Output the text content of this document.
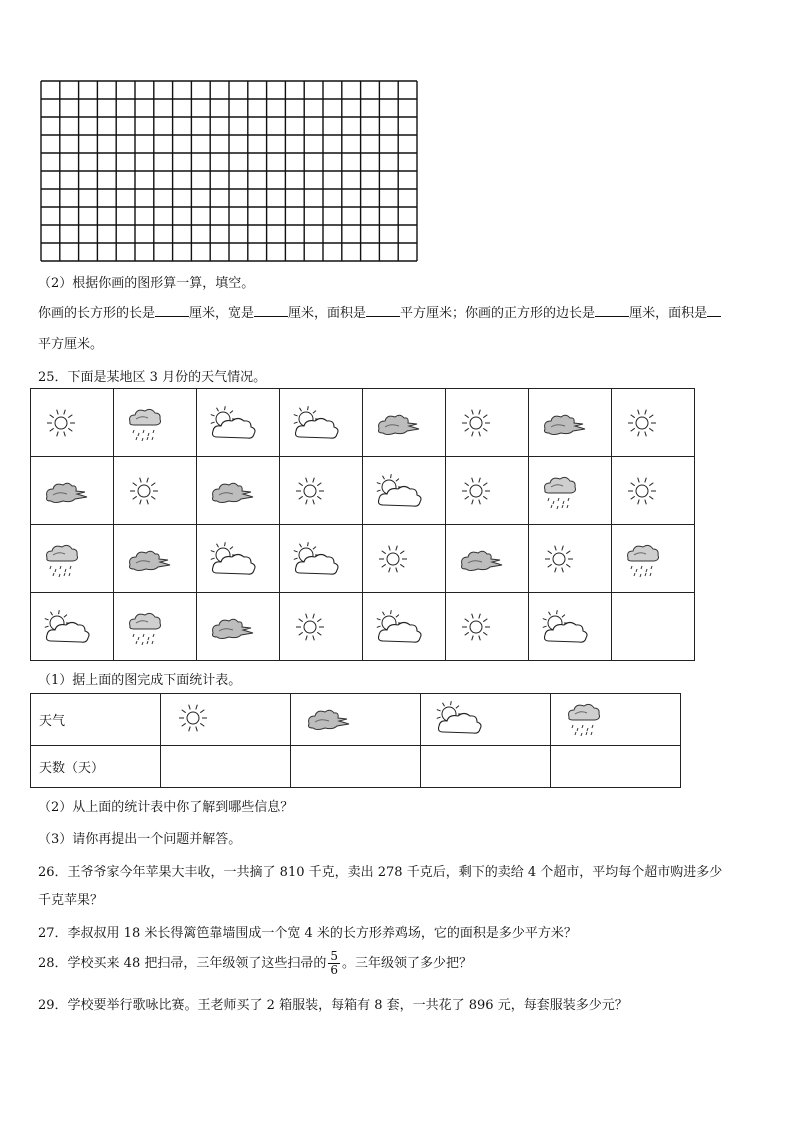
（2）根据你画的图形算一算，填空。
你画的长方形的长是	厘米，宽是	厘米，面积是	平方厘米；你画的正方形的边长是	厘米，面积是
平方厘米。
25．下面是某地区 3 月份的天气情况。

（1）据上面的图完成下面统计表。
天气	

天数（天）				
（2）从上面的统计表中你了解到哪些信息？
（3）请你再提出一个问题并解答。
26．王爷爷家今年苹果大丰收，一共摘了 810 千克，卖出 278 千克后，剩下的卖给 4 个超市，平均每个超市购进多少
千克苹果？
27．李叔叔用 18 米长得篱笆靠墙围成一个宽 4 米的长方形养鸡场，它的面积是多少平方米？
28．学校买来 48 把扫帚，三年级领了这些扫帚的 $\frac{5}{6}$ 。三年级领了多少把？
29．学校要举行歌咏比赛。王老师买了 2 箱服装，每箱有 8 套，一共花了 896 元，每套服装多少元？
